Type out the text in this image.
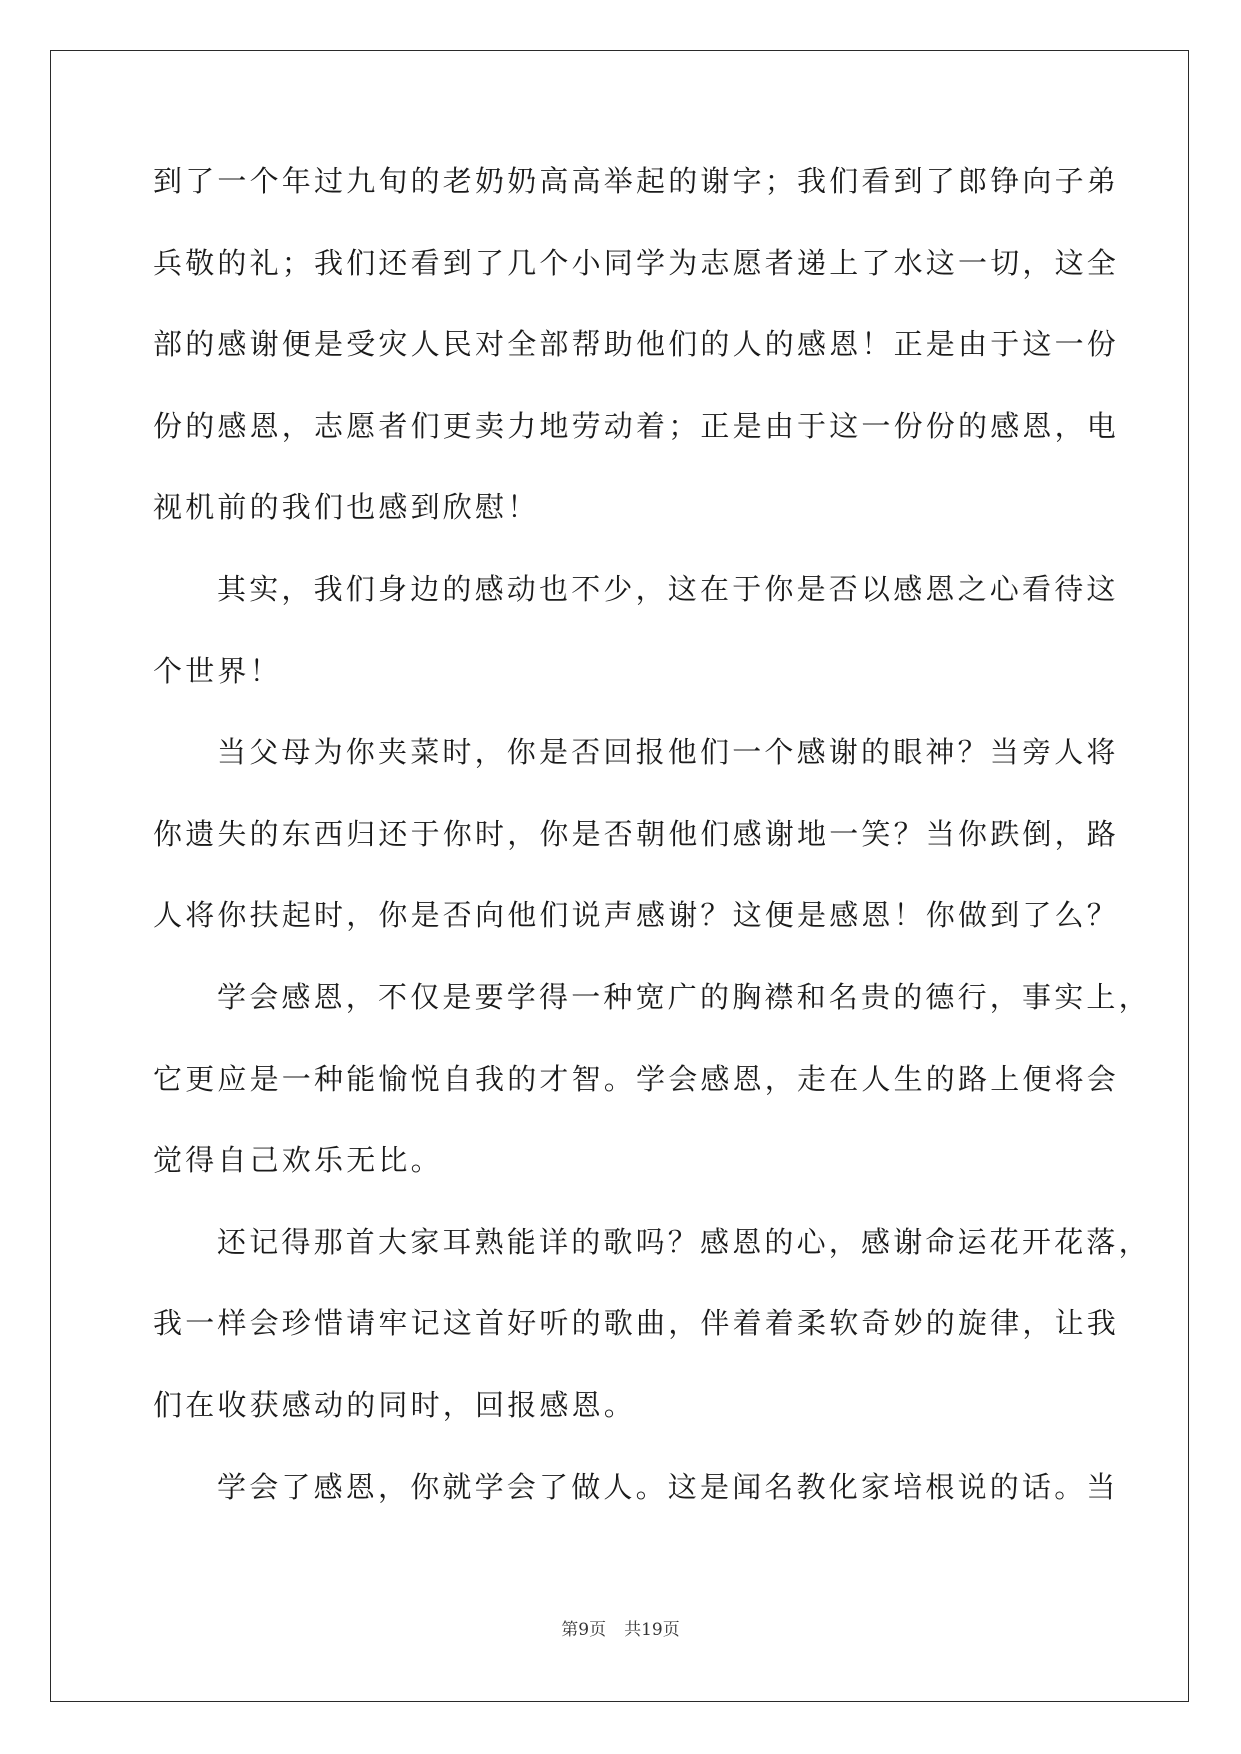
到了一个年过九旬的老奶奶高高举起的谢字；我们看到了郎铮向子弟
兵敬的礼；我们还看到了几个小同学为志愿者递上了水这一切，这全
部的感谢便是受灾人民对全部帮助他们的人的感恩！正是由于这一份
份的感恩，志愿者们更卖力地劳动着；正是由于这一份份的感恩，电
视机前的我们也感到欣慰！
其实，我们身边的感动也不少，这在于你是否以感恩之心看待这
个世界！
当父母为你夹菜时，你是否回报他们一个感谢的眼神？当旁人将
你遗失的东西归还于你时，你是否朝他们感谢地一笑？当你跌倒，路
人将你扶起时，你是否向他们说声感谢？这便是感恩！你做到了么？
学会感恩，不仅是要学得一种宽广的胸襟和名贵的德行，事实上，
它更应是一种能愉悦自我的才智。学会感恩，走在人生的路上便将会
觉得自己欢乐无比。
还记得那首大家耳熟能详的歌吗？感恩的心，感谢命运花开花落，
我一样会珍惜请牢记这首好听的歌曲，伴着着柔软奇妙的旋律，让我
们在收获感动的同时，回报感恩。
学会了感恩，你就学会了做人。这是闻名教化家培根说的话。当
第9页 共19页
